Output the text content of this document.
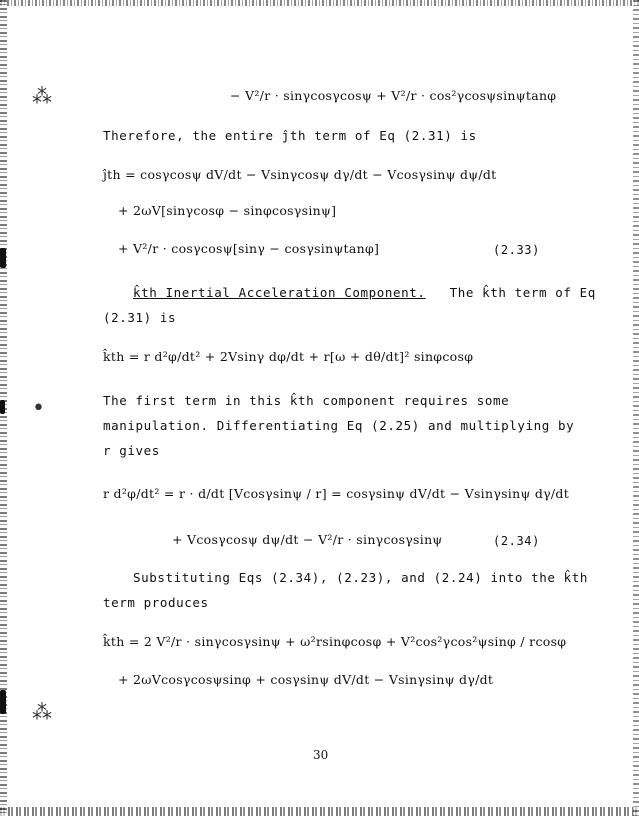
⁂
•
⁂
− V²/r · sinγcosγcosψ + V²/r · cos²γcosψsinψtanφ
Therefore, the entire ĵth term of Eq (2.31) is
ĵth = cosγcosψ dV/dt − Vsinγcosψ dγ/dt − Vcosγsinψ dψ/dt
+ 2ωV[sinγcosφ − sinφcosγsinψ]
+ V²/r · cosγcosψ[sinγ − cosγsinψtanφ]	(2.33)
k̂th Inertial Acceleration Component. The k̂th term of Eq
(2.31) is
k̂th = r d²φ/dt² + 2Vsinγ dφ/dt + r[ω + dθ/dt]² sinφcosφ
The first term in this k̂th component requires some
manipulation. Differentiating Eq (2.25) and multiplying by
r gives
r d²φ/dt² = r · d/dt [Vcosγsinψ / r] = cosγsinψ dV/dt − Vsinγsinψ dγ/dt
+ Vcosγcosψ dψ/dt − V²/r · sinγcosγsinψ	(2.34)
Substituting Eqs (2.34), (2.23), and (2.24) into the k̂th
term produces
k̂th = 2 V²/r · sinγcosγsinψ + ω²rsinφcosφ + V²cos²γcos²ψsinφ / rcosφ
+ 2ωVcosγcosψsinφ + cosγsinψ dV/dt − Vsinγsinψ dγ/dt
30
